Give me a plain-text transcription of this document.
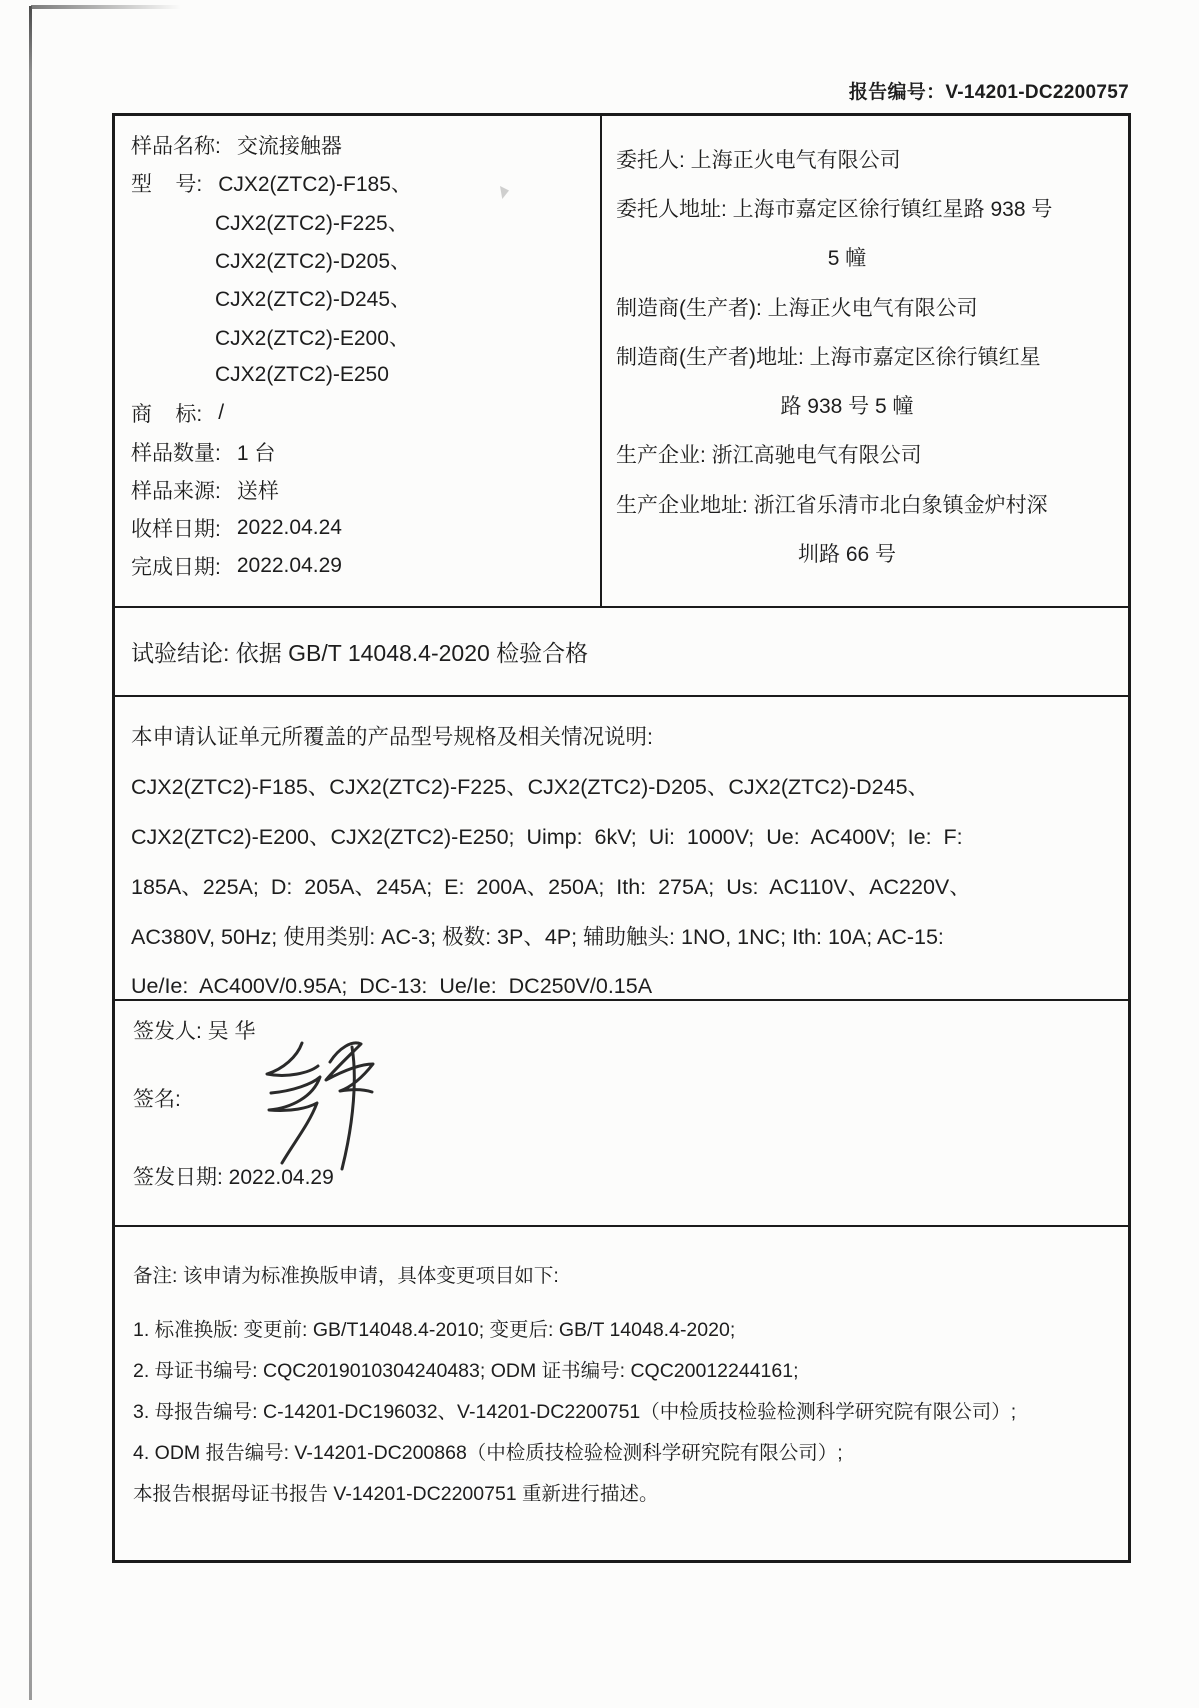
报告编号：V-14201-DC2200757
样品名称: 交流接触器
型    号: CJX2(ZTC2)-F185、
CJX2(ZTC2)-F225、
CJX2(ZTC2)-D205、
CJX2(ZTC2)-D245、
CJX2(ZTC2)-E200、
CJX2(ZTC2)-E250
商    标: /
样品数量: 1 台
样品来源: 送样
收样日期: 2022.04.24
完成日期: 2022.04.29
委托人: 上海正火电气有限公司
委托人地址: 上海市嘉定区徐行镇红星路 938 号
5 幢
制造商(生产者): 上海正火电气有限公司
制造商(生产者)地址: 上海市嘉定区徐行镇红星
路 938 号 5 幢
生产企业: 浙江高驰电气有限公司
生产企业地址: 浙江省乐清市北白象镇金炉村深
圳路 66 号
试验结论: 依据 GB/T 14048.4-2020 检验合格
本申请认证单元所覆盖的产品型号规格及相关情况说明:
CJX2(ZTC2)-F185、CJX2(ZTC2)-F225、CJX2(ZTC2)-D205、CJX2(ZTC2)-D245、
CJX2(ZTC2)-E200、CJX2(ZTC2)-E250;  Uimp:  6kV;  Ui:  1000V;  Ue:  AC400V;  Ie:  F:
185A、225A;  D:  205A、245A;  E:  200A、250A;  Ith:  275A;  Us:  AC110V、AC220V、
AC380V, 50Hz; 使用类别: AC-3; 极数: 3P、4P; 辅助触头: 1NO, 1NC; Ith: 10A; AC-15:
Ue/Ie:  AC400V/0.95A;  DC-13:  Ue/Ie:  DC250V/0.15A
签发人: 吴 华
签名:
签发日期: 2022.04.29
备注: 该申请为标准换版申请，具体变更项目如下:
1. 标准换版: 变更前: GB/T14048.4-2010; 变更后: GB/T 14048.4-2020;
2. 母证书编号: CQC2019010304240483; ODM 证书编号: CQC20012244161;
3. 母报告编号: C-14201-DC196032、V-14201-DC2200751（中检质技检验检测科学研究院有限公司）;
4. ODM 报告编号: V-14201-DC200868（中检质技检验检测科学研究院有限公司）;
本报告根据母证书报告 V-14201-DC2200751 重新进行描述。
